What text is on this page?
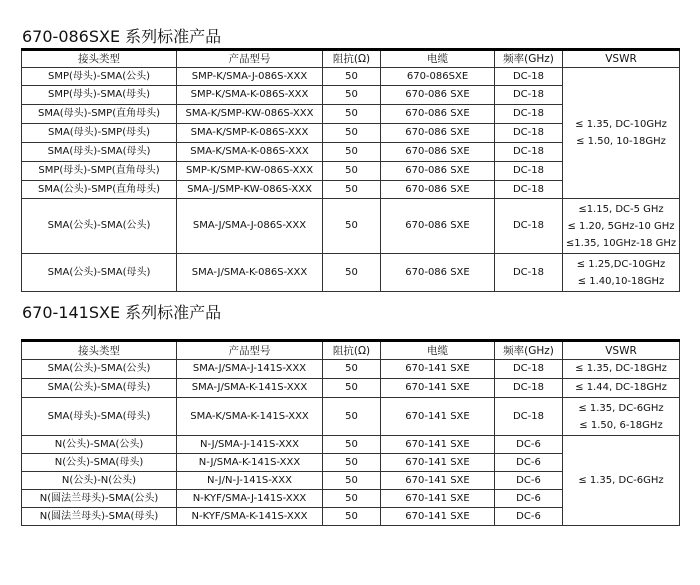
670-086SXE 系列标准产品
接头类型	产品型号	阻抗(Ω)	电缆	频率(GHz)	VSWR
SMP(母头)-SMA(公头)	SMP-K/SMA-J-086S-XXX	50	670-086SXE	DC-18	≤ 1.35, DC-10GHz
≤ 1.50, 10-18GHz

SMP(母头)-SMA(母头)	SMP-K/SMA-K-086S-XXX	50	670-086 SXE	DC-18	
SMA(母头)-SMP(直角母头)	SMA-K/SMP-KW-086S-XXX	50	670-086 SXE	DC-18	
SMA(母头)-SMP(母头)	SMA-K/SMP-K-086S-XXX	50	670-086 SXE	DC-18	
SMA(母头)-SMA(母头)	SMA-K/SMA-K-086S-XXX	50	670-086 SXE	DC-18	
SMP(母头)-SMP(直角母头)	SMP-K/SMP-KW-086S-XXX	50	670-086 SXE	DC-18	
SMA(公头)-SMP(直角母头)	SMA-J/SMP-KW-086S-XXX	50	670-086 SXE	DC-18	
SMA(公头)-SMA(公头)	SMA-J/SMA-J-086S-XXX	50	670-086 SXE	DC-18	≤1.15, DC-5 GHz
≤ 1.20, 5GHz-10 GHz
≤1.35, 10GHz-18 GHz

SMA(公头)-SMA(母头)	SMA-J/SMA-K-086S-XXX	50	670-086 SXE	DC-18	≤ 1.25,DC-10GHz
≤ 1.40,10-18GHz
670-141SXE 系列标准产品
接头类型	产品型号	阻抗(Ω)	电缆	频率(GHz)	VSWR
SMA(公头)-SMA(公头)	SMA-J/SMA-J-141S-XXX	50	670-141 SXE	DC-18	≤ 1.35, DC-18GHz
SMA(公头)-SMA(母头)	SMA-J/SMA-K-141S-XXX	50	670-141 SXE	DC-18	≤ 1.44, DC-18GHz
SMA(母头)-SMA(母头)	SMA-K/SMA-K-141S-XXX	50	670-141 SXE	DC-18	≤ 1.35, DC-6GHz
≤ 1.50, 6-18GHz

N(公头)-SMA(公头)	N-J/SMA-J-141S-XXX	50	670-141 SXE	DC-6	≤ 1.35, DC-6GHz
N(公头)-SMA(母头)	N-J/SMA-K-141S-XXX	50	670-141 SXE	DC-6	
N(公头)-N(公头)	N-J/N-J-141S-XXX	50	670-141 SXE	DC-6	
N(圆法兰母头)-SMA(公头)	N-KYF/SMA-J-141S-XXX	50	670-141 SXE	DC-6	
N(圆法兰母头)-SMA(母头)	N-KYF/SMA-K-141S-XXX	50	670-141 SXE	DC-6	
